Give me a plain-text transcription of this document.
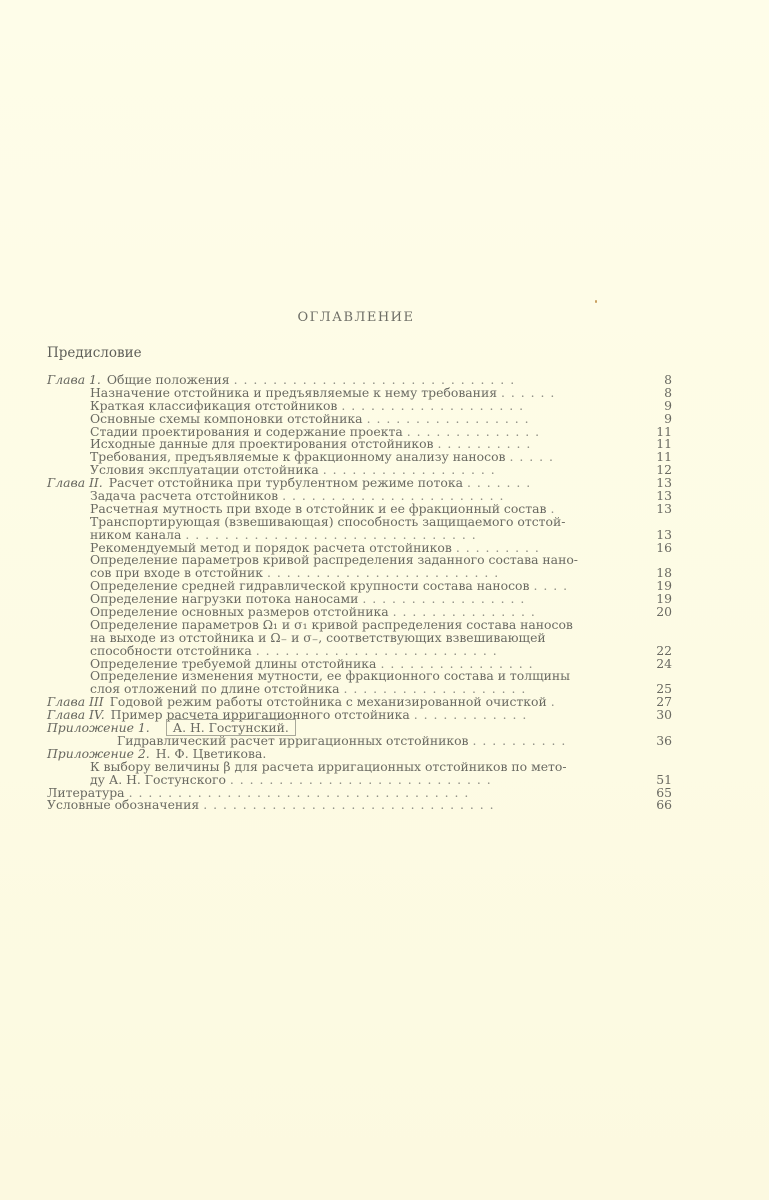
ОГЛАВЛЕНИЕ
Предисловие
Глава 1. Общие положения . . . . . . . . . . . . . . . . . . . . . . . . . . . . .	8
Назначение отстойника и предъявляемые к нему требования . . . . . .	8
Краткая классификация отстойников . . . . . . . . . . . . . . . . . . .	9
Основные схемы компоновки отстойника . . . . . . . . . . . . . . . . .	9
Стадии проектирования и содержание проекта . . . . . . . . . . . . . .	11
Исходные данные для проектирования отстойников . . . . . . . . . .	11
Требования, предъявляемые к фракционному анализу наносов . . . . .	11
Условия эксплуатации отстойника . . . . . . . . . . . . . . . . . .	12
Глава II. Расчет отстойника при турбулентном режиме потока . . . . . . .	13
Задача расчета отстойников . . . . . . . . . . . . . . . . . . . . . . .	13
Расчетная мутность при входе в отстойник и ее фракционный состав .	13
Транспортирующая (взвешивающая) способность защищаемого отстой-
ником канала . . . . . . . . . . . . . . . . . . . . . . . . . . . . . .	13
Рекомендуемый метод и порядок расчета отстойников . . . . . . . . .	16
Определение параметров кривой распределения заданного состава нано-
сов при входе в отстойник . . . . . . . . . . . . . . . . . . . . . . . .	18
Определение средней гидравлической крупности состава наносов . . . .	19
Определение нагрузки потока наносами . . . . . . . . . . . . . . . . .	19
Определение основных размеров отстойника . . . . . . . . . . . . . . .	20
Определение параметров Ω₁ и σ₁ кривой распределения состава наносов
на выходе из отстойника и Ω₋ и σ₋, соответствующих взвешивающей
способности отстойника . . . . . . . . . . . . . . . . . . . . . . . . .	22
Определение требуемой длины отстойника . . . . . . . . . . . . . . . .	24
Определение изменения мутности, ее фракционного состава и толщины
слоя отложений по длине отстойника . . . . . . . . . . . . . . . . . . .	25
Глава III Годовой режим работы отстойника с механизированной очисткой .	27
Глава IV. Пример расчета ирригационного отстойника . . . . . . . . . . . .	30
Приложение 1. А. Н. Гостунский.
Гидравлический расчет ирригационных отстойников . . . . . . . . . .	36
Приложение 2. Н. Ф. Цветикова.
К выбору величины β для расчета ирригационных отстойников по мето-
ду А. Н. Гостунского . . . . . . . . . . . . . . . . . . . . . . . . . . .	51
Литература . . . . . . . . . . . . . . . . . . . . . . . . . . . . . . . . . . .	65
Условные обозначения . . . . . . . . . . . . . . . . . . . . . . . . . . . . . .	66
